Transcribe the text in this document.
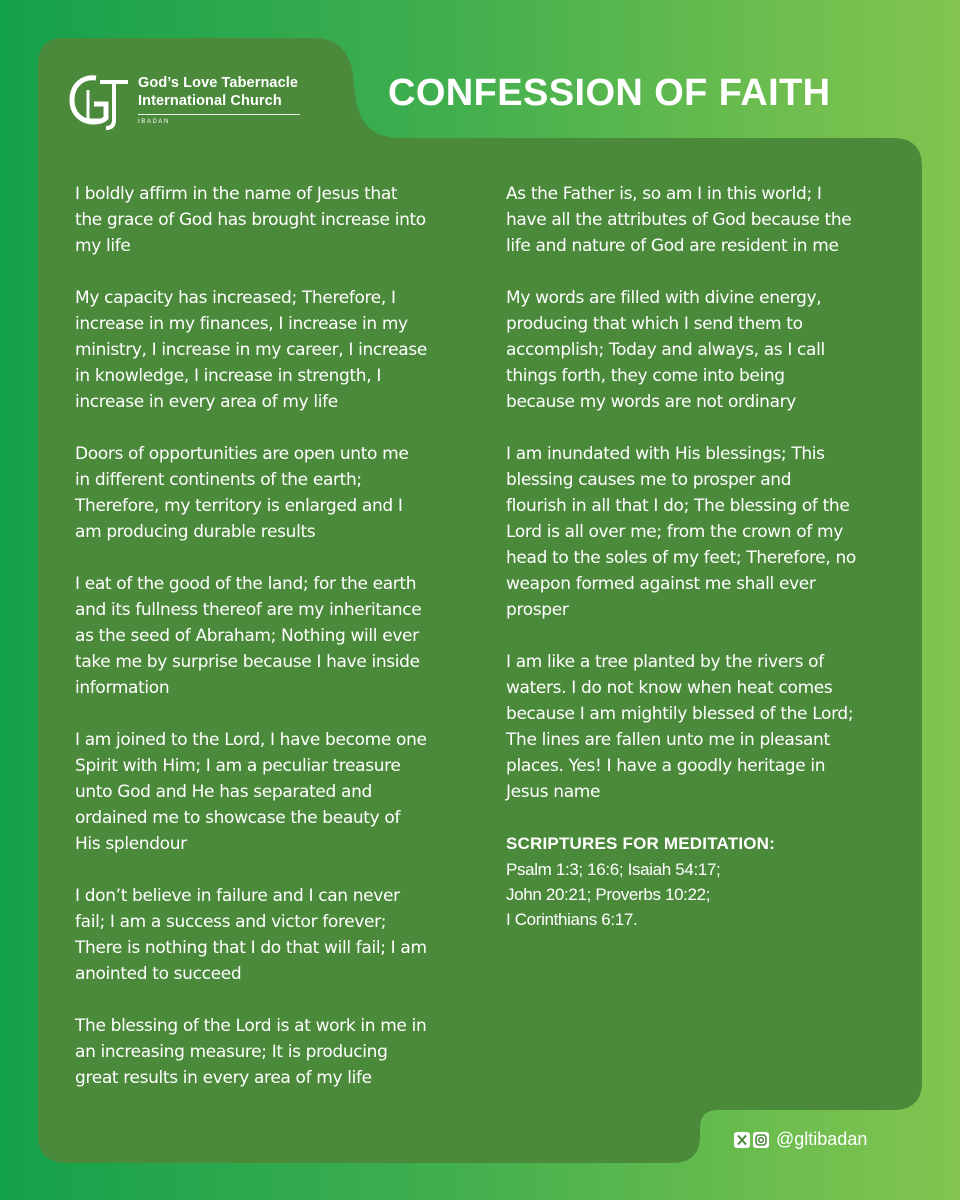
God’s Love Tabernacle
International Church
IBADAN
CONFESSION OF FAITH
I boldly affirm in the name of Jesus that
the grace of God has brought increase into
my life
My capacity has increased; Therefore, I
increase in my finances, I increase in my
ministry, I increase in my career, I increase
in knowledge, I increase in strength, I
increase in every area of my life
Doors of opportunities are open unto me
in different continents of the earth;
Therefore, my territory is enlarged and I
am producing durable results
I eat of the good of the land; for the earth
and its fullness thereof are my inheritance
as the seed of Abraham; Nothing will ever
take me by surprise because I have inside
information
I am joined to the Lord, I have become one
Spirit with Him; I am a peculiar treasure
unto God and He has separated and
ordained me to showcase the beauty of
His splendour
I don’t believe in failure and I can never
fail; I am a success and victor forever;
There is nothing that I do that will fail; I am
anointed to succeed
The blessing of the Lord is at work in me in
an increasing measure; It is producing
great results in every area of my life
As the Father is, so am I in this world; I
have all the attributes of God because the
life and nature of God are resident in me
My words are filled with divine energy,
producing that which I send them to
accomplish; Today and always, as I call
things forth, they come into being
because my words are not ordinary
I am inundated with His blessings; This
blessing causes me to prosper and
flourish in all that I do; The blessing of the
Lord is all over me; from the crown of my
head to the soles of my feet; Therefore, no
weapon formed against me shall ever
prosper
I am like a tree planted by the rivers of
waters. I do not know when heat comes
because I am mightily blessed of the Lord;
The lines are fallen unto me in pleasant
places. Yes! I have a goodly heritage in
Jesus name
SCRIPTURES FOR MEDITATION:
Psalm 1:3; 16:6; Isaiah 54:17;
John 20:21; Proverbs 10:22;
I Corinthians 6:17.
@gltibadan
